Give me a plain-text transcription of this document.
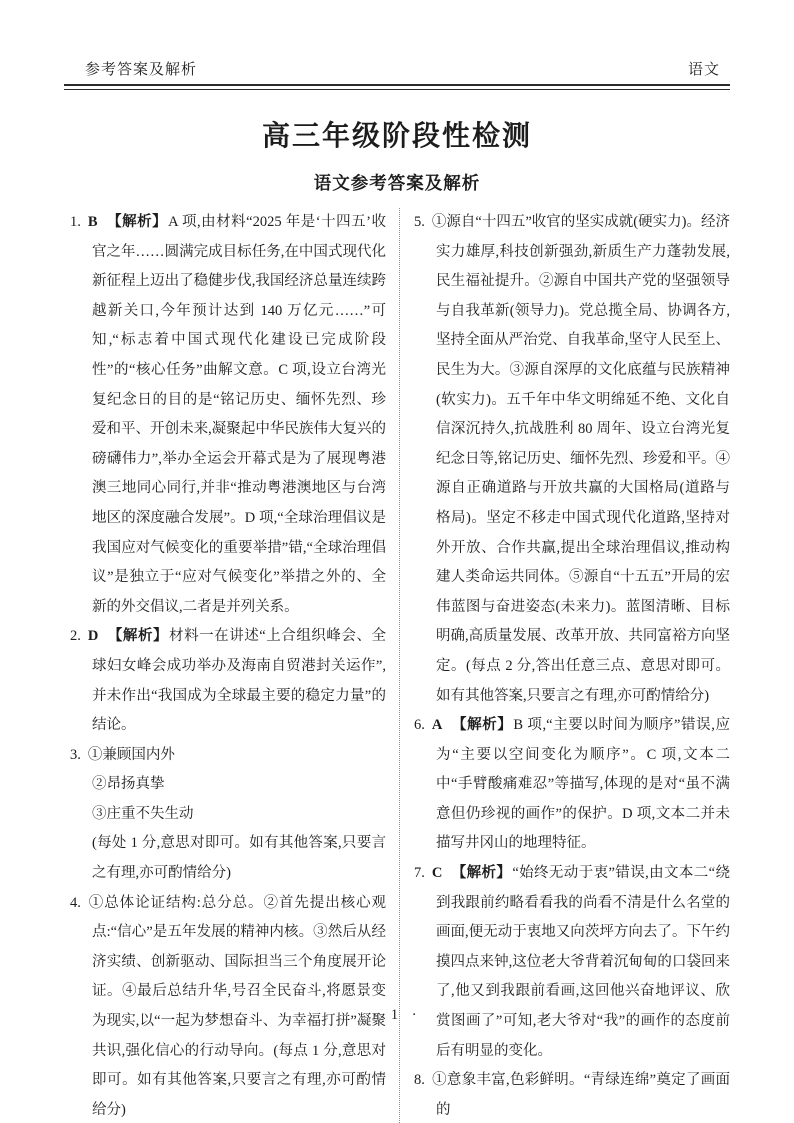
参考答案及解析	语文
高三年级阶段性检测
语文参考答案及解析

1. B 【解析】A 项,由材料“2025 年是‘十四五’收官之年……圆满完成目标任务,在中国式现代化新征程上迈出了稳健步伐,我国经济总量连续跨越新关口,今年预计达到 140 万亿元……”可知,“标志着中国式现代化建设已完成阶段性”的“核心任务”曲解文意。C 项,设立台湾光复纪念日的目的是“铭记历史、缅怀先烈、珍爱和平、开创未来,凝聚起中华民族伟大复兴的磅礴伟力”,举办全运会开幕式是为了展现粤港澳三地同心同行,并非“推动粤港澳地区与台湾地区的深度融合发展”。D 项,“全球治理倡议是我国应对气候变化的重要举措”错,“全球治理倡议”是独立于“应对气候变化”举措之外的、全新的外交倡议,二者是并列关系。

2. D 【解析】材料一在讲述“上合组织峰会、全球妇女峰会成功举办及海南自贸港封关运作”,并未作出“我国成为全球最主要的稳定力量”的结论。

3. ①兼顾国内外

②昂扬真挚

③庄重不失生动

(每处 1 分,意思对即可。如有其他答案,只要言之有理,亦可酌情给分)

4. ①总体论证结构:总分总。②首先提出核心观点:“信心”是五年发展的精神内核。③然后从经济实绩、创新驱动、国际担当三个角度展开论证。④最后总结升华,号召全民奋斗,将愿景变为现实,以“一起为梦想奋斗、为幸福打拼”凝聚共识,强化信心的行动导向。(每点 1 分,意思对即可。如有其他答案,只要言之有理,亦可酌情给分)

5. ①源自“十四五”收官的坚实成就(硬实力)。经济实力雄厚,科技创新强劲,新质生产力蓬勃发展,民生福祉提升。②源自中国共产党的坚强领导与自我革新(领导力)。党总揽全局、协调各方,坚持全面从严治党、自我革命,坚守人民至上、民生为大。③源自深厚的文化底蕴与民族精神(软实力)。五千年中华文明绵延不绝、文化自信深沉持久,抗战胜利 80 周年、设立台湾光复纪念日等,铭记历史、缅怀先烈、珍爱和平。④源自正确道路与开放共赢的大国格局(道路与格局)。坚定不移走中国式现代化道路,坚持对外开放、合作共赢,提出全球治理倡议,推动构建人类命运共同体。⑤源自“十五五”开局的宏伟蓝图与奋进姿态(未来力)。蓝图清晰、目标明确,高质量发展、改革开放、共同富裕方向坚定。(每点 2 分,答出任意三点、意思对即可。如有其他答案,只要言之有理,亦可酌情给分)

6. A 【解析】B 项,“主要以时间为顺序”错误,应为“主要以空间变化为顺序”。C 项,文本二中“手臂酸痛难忍”等描写,体现的是对“虽不满意但仍珍视的画作”的保护。D 项,文本二并未描写井冈山的地理特征。

7. C 【解析】“始终无动于衷”错误,由文本二“绕到我跟前约略看看我的尚看不清是什么名堂的画面,便无动于衷地又向茨坪方向去了。下午约摸四点来钟,这位老大爷背着沉甸甸的口袋回来了,他又到我跟前看画,这回他兴奋地评议、欣赏图画了”可知,老大爷对“我”的画作的态度前后有明显的变化。

8. ①意象丰富,色彩鲜明。“青绿连绵”奠定了画面的

· 1 ·
